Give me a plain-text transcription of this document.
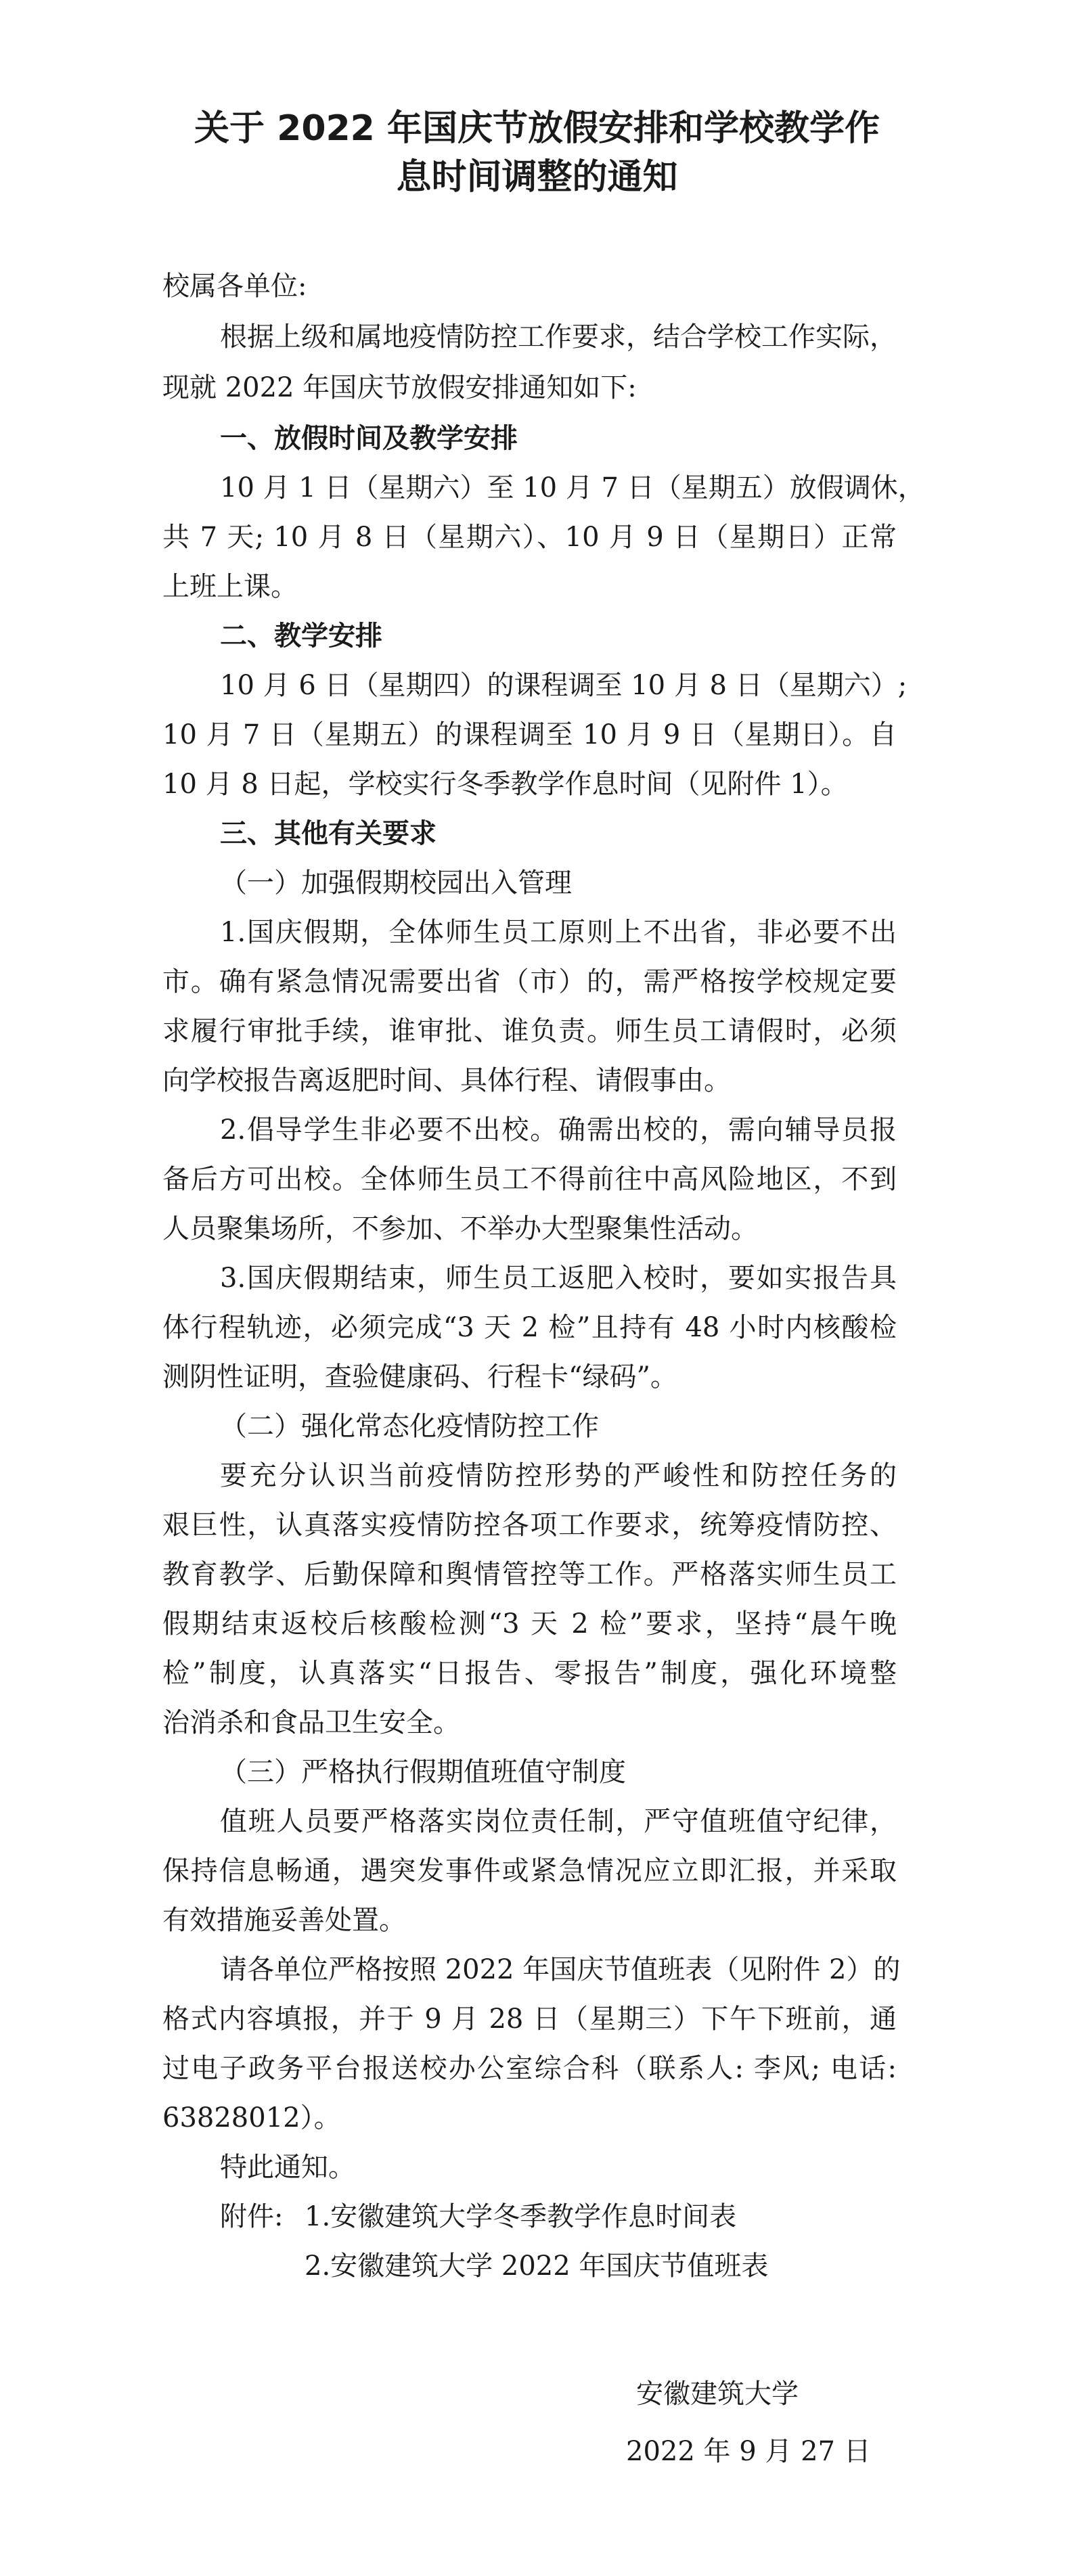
关于 2022 年国庆节放假安排和学校教学作
息时间调整的通知

校属各单位:

根据上级和属地疫情防控工作要求，结合学校工作实际，

现就 2022 年国庆节放假安排通知如下:

一、放假时间及教学安排

10 月 1 日（星期六）至 10 月 7 日（星期五）放假调休，

共 7 天; 10 月 8 日（星期六）、10 月 9 日（星期日）正常

上班上课。

二、教学安排

10 月 6 日（星期四）的课程调至 10 月 8 日（星期六）;

10 月 7 日（星期五）的课程调至 10 月 9 日（星期日）。自

10 月 8 日起，学校实行冬季教学作息时间（见附件 1）。

三、其他有关要求

（一）加强假期校园出入管理

1.国庆假期，全体师生员工原则上不出省，非必要不出

市。确有紧急情况需要出省（市）的，需严格按学校规定要

求履行审批手续，谁审批、谁负责。师生员工请假时，必须

向学校报告离返肥时间、具体行程、请假事由。

2.倡导学生非必要不出校。确需出校的，需向辅导员报

备后方可出校。全体师生员工不得前往中高风险地区，不到

人员聚集场所，不参加、不举办大型聚集性活动。

3.国庆假期结束，师生员工返肥入校时，要如实报告具

体行程轨迹，必须完成“3 天 2 检”且持有 48 小时内核酸检

测阴性证明，查验健康码、行程卡“绿码”。

（二）强化常态化疫情防控工作

要充分认识当前疫情防控形势的严峻性和防控任务的

艰巨性，认真落实疫情防控各项工作要求，统筹疫情防控、

教育教学、后勤保障和舆情管控等工作。严格落实师生员工

假期结束返校后核酸检测“3 天 2 检”要求，坚持“晨午晚

检”制度，认真落实“日报告、零报告”制度，强化环境整

治消杀和食品卫生安全。

（三）严格执行假期值班值守制度

值班人员要严格落实岗位责任制，严守值班值守纪律，

保持信息畅通，遇突发事件或紧急情况应立即汇报，并采取

有效措施妥善处置。

请各单位严格按照 2022 年国庆节值班表（见附件 2）的

格式内容填报，并于 9 月 28 日（星期三）下午下班前，通

过电子政务平台报送校办公室综合科（联系人: 李风; 电话:

63828012）。

特此通知。

附件: 1.安徽建筑大学冬季教学作息时间表

2.安徽建筑大学 2022 年国庆节值班表

安徽建筑大学

2022 年 9 月 27 日
